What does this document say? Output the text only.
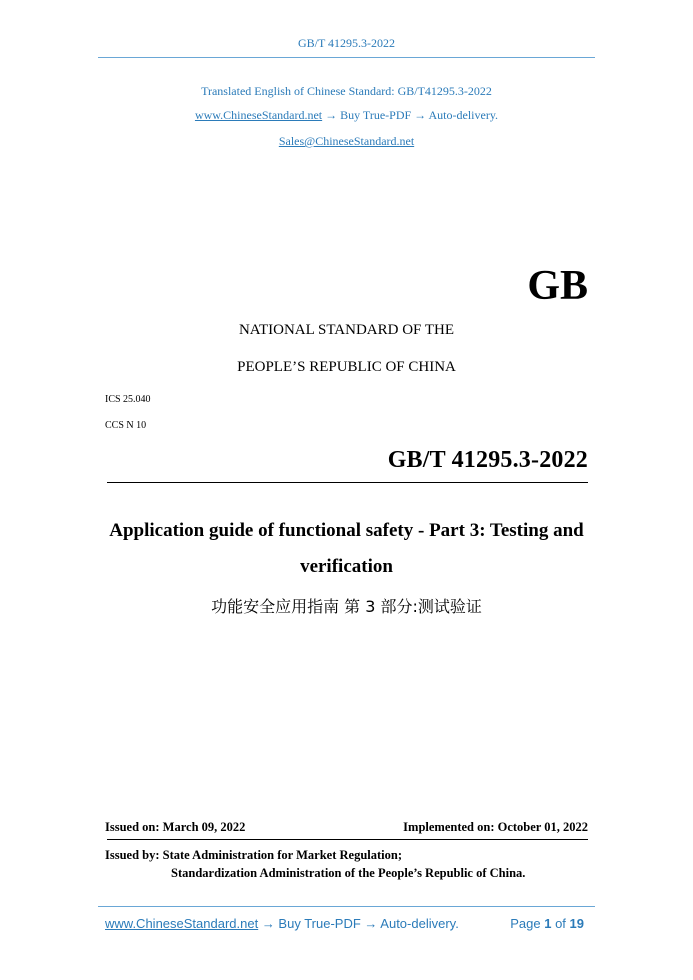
GB/T 41295.3-2022
Translated English of Chinese Standard: GB/T41295.3-2022
www.ChineseStandard.net → Buy True-PDF → Auto-delivery.
Sales@ChineseStandard.net
GB
NATIONAL STANDARD OF THE
PEOPLE’S REPUBLIC OF CHINA
ICS 25.040
CCS N 10
GB/T 41295.3-2022
Application guide of functional safety - Part 3: Testing and
verification
功能安全应用指南 第 3 部分:测试验证
Issued on: March 09, 2022	Implemented on: October 01, 2022
Issued by: State Administration for Market Regulation;
Standardization Administration of the People’s Republic of China.
www.ChineseStandard.net → Buy True-PDF → Auto-delivery.	Page 1 of 19
